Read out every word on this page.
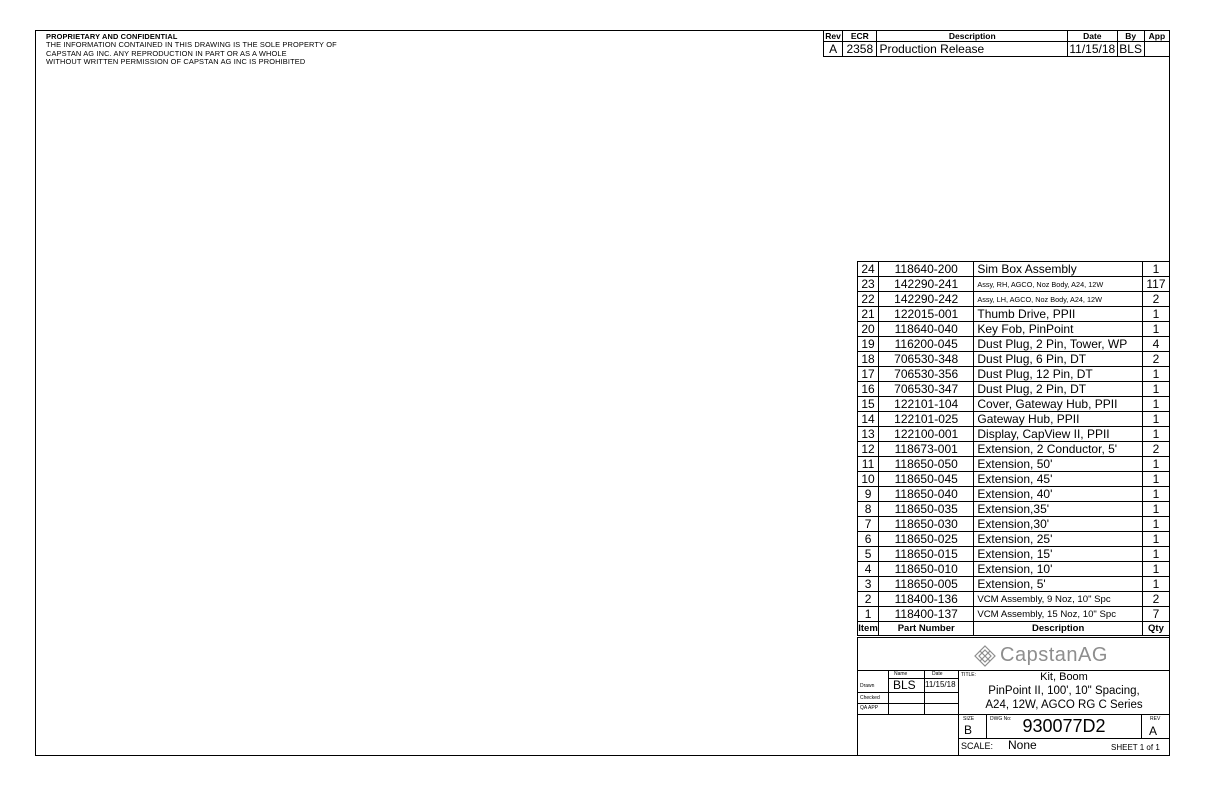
PROPRIETARY AND CONFIDENTIAL
THE INFORMATION CONTAINED IN THIS DRAWING IS THE SOLE PROPERTY OF
CAPSTAN AG INC. ANY REPRODUCTION IN PART OR AS A WHOLE
WITHOUT WRITTEN PERMISSION OF CAPSTAN AG INC IS PROHIBITED
Rev	ECR	Description	Date	By	App
A	2358	Production Release	11/15/18	BLS	
24	118640-200	Sim Box Assembly	1
23	142290-241	Assy, RH, AGCO, Noz Body, A24, 12W	117
22	142290-242	Assy, LH, AGCO, Noz Body, A24, 12W	2
21	122015-001	Thumb Drive, PPII	1
20	118640-040	Key Fob, PinPoint	1
19	116200-045	Dust Plug, 2 Pin, Tower, WP	4
18	706530-348	Dust Plug, 6 Pin, DT	2
17	706530-356	Dust Plug, 12 Pin, DT	1
16	706530-347	Dust Plug, 2 Pin, DT	1
15	122101-104	Cover, Gateway Hub, PPII	1
14	122101-025	Gateway Hub, PPII	1
13	122100-001	Display, CapView II, PPII	1
12	118673-001	Extension, 2 Conductor, 5'	2
11	118650-050	Extension, 50'	1
10	118650-045	Extension, 45'	1
9	118650-040	Extension, 40'	1
8	118650-035	Extension,35'	1
7	118650-030	Extension,30'	1
6	118650-025	Extension, 25'	1
5	118650-015	Extension, 15'	1
4	118650-010	Extension, 10'	1
3	118650-005	Extension, 5'	1
2	118400-136	VCM Assembly, 9 Noz, 10" Spc	2
1	118400-137	VCM Assembly, 15 Noz, 10" Spc	7
Item	Part Number	Description	Qty
CapstanAG
Name	Date
Drawn
Checked
QA APP
BLS 11/15/18
TITLE:	Kit, Boom
PinPoint II, 100', 10" Spacing,
A24, 12W, AGCO RG C Series
SIZE
B
DWG No: 930077D2	REV
A
SCALE: None	SHEET 1 of 1
